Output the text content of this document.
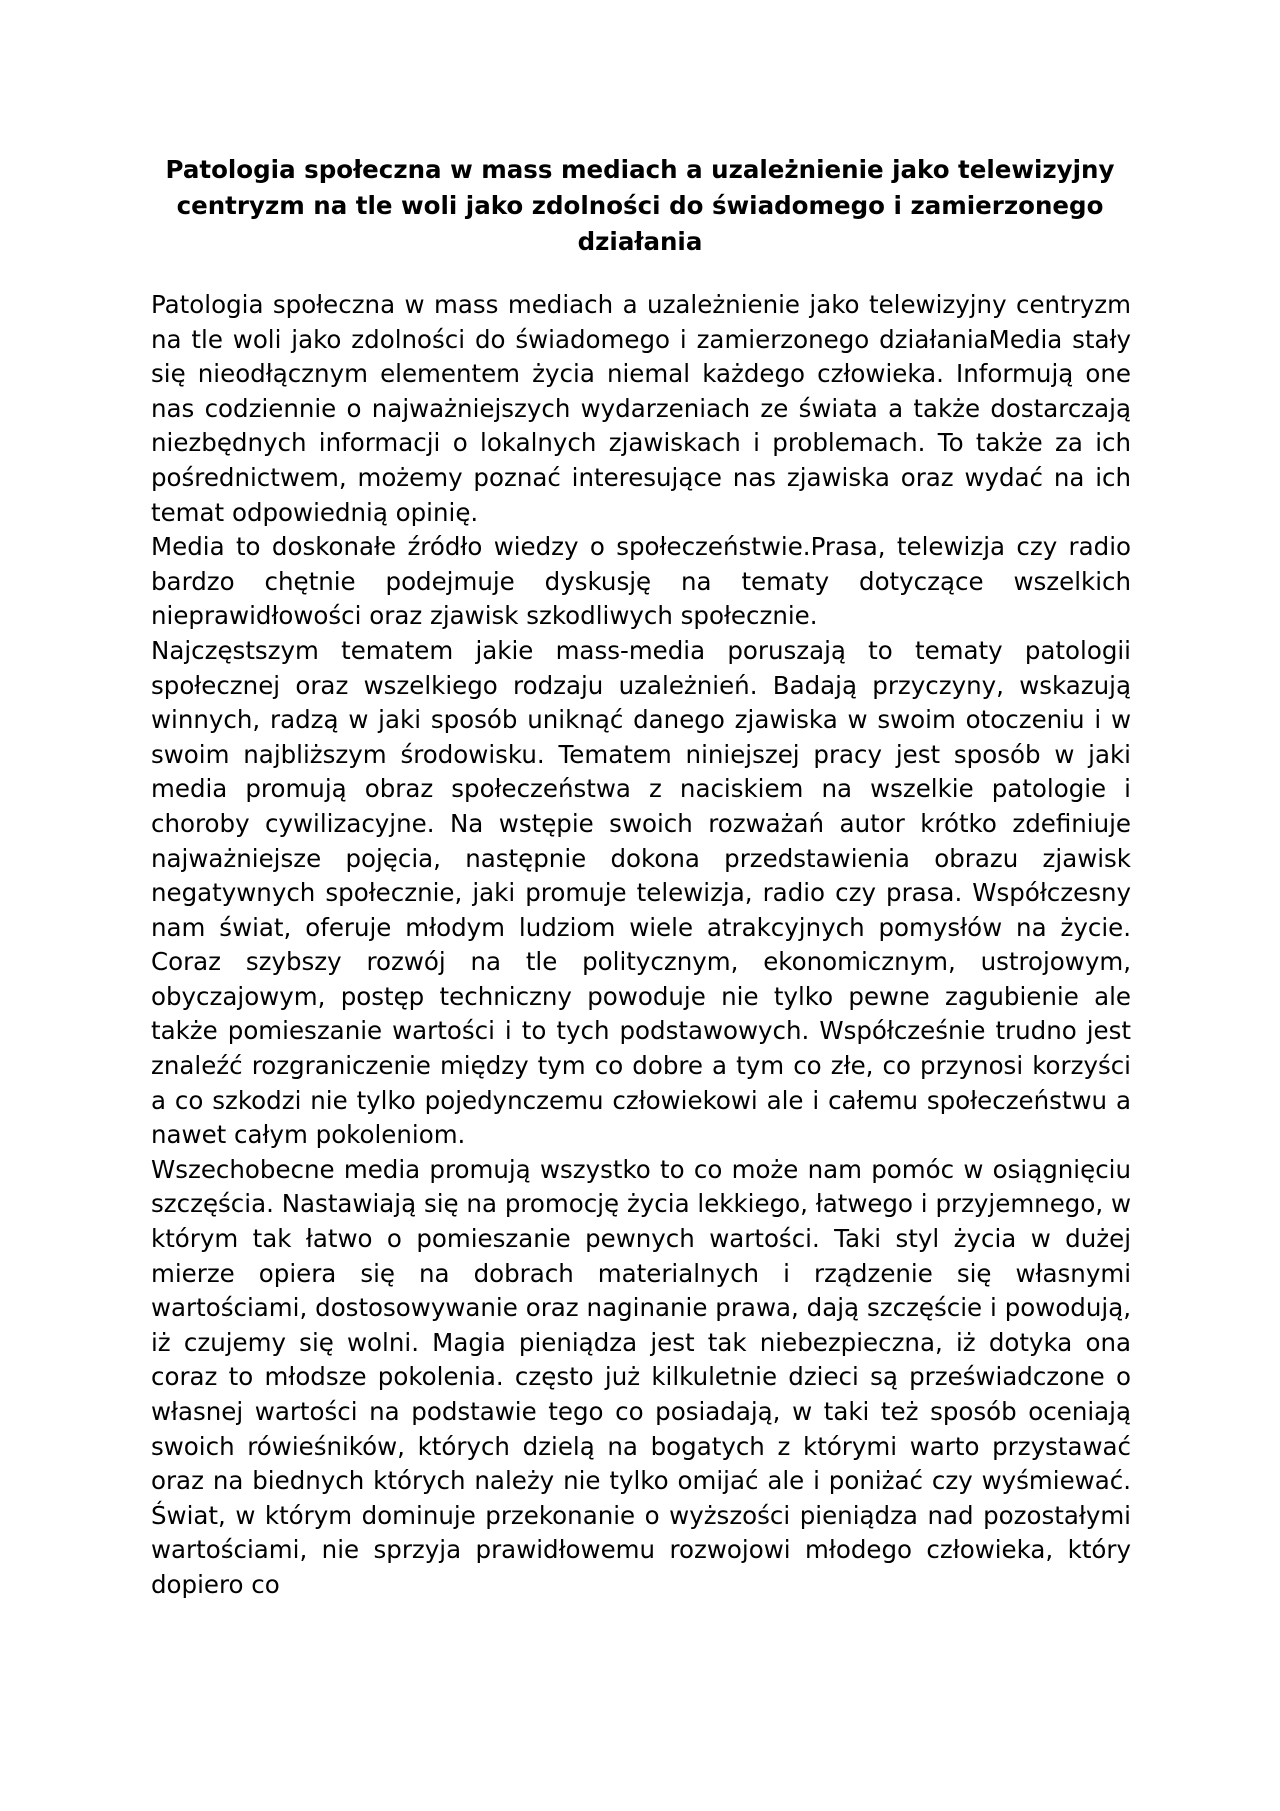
Patologia społeczna w mass mediach a uzależnienie jako telewizyjny centryzm na tle woli jako zdolności do świadomego i zamierzonego działania

Patologia społeczna w mass mediach a uzależnienie jako telewizyjny centryzm na tle woli jako zdolności do świadomego i zamierzonego działaniaMedia stały się nieodłącznym elementem życia niemal każdego człowieka. Informują one nas codziennie o najważniejszych wydarzeniach ze świata a także dostarczają niezbędnych informacji o lokalnych zjawiskach i problemach. To także za ich pośrednictwem, możemy poznać interesujące nas zjawiska oraz wydać na ich temat odpowiednią opinię.

Media to doskonałe źródło wiedzy o społeczeństwie.Prasa, telewizja czy radio bardzo chętnie podejmuje dyskusję na tematy dotyczące wszelkich nieprawidłowości oraz zjawisk szkodliwych społecznie.

Najczęstszym tematem jakie mass-media poruszają to tematy patologii społecznej oraz wszelkiego rodzaju uzależnień. Badają przyczyny, wskazują winnych, radzą w jaki sposób uniknąć danego zjawiska w swoim otoczeniu i w swoim najbliższym środowisku. Tematem niniejszej pracy jest sposób w jaki media promują obraz społeczeństwa z naciskiem na wszelkie patologie i choroby cywilizacyjne. Na wstępie swoich rozważań autor krótko zdefiniuje najważniejsze pojęcia, następnie dokona przedstawienia obrazu zjawisk negatywnych społecznie, jaki promuje telewizja, radio czy prasa. Współczesny nam świat, oferuje młodym ludziom wiele atrakcyjnych pomysłów na życie. Coraz szybszy rozwój na tle politycznym, ekonomicznym, ustrojowym, obyczajowym, postęp techniczny powoduje nie tylko pewne zagubienie ale także pomieszanie wartości i to tych podstawowych. Współcześnie trudno jest znaleźć rozgraniczenie między tym co dobre a tym co złe, co przynosi korzyści a co szkodzi nie tylko pojedynczemu człowiekowi ale i całemu społeczeństwu a nawet całym pokoleniom.

Wszechobecne media promują wszystko to co może nam pomóc w osiągnięciu szczęścia. Nastawiają się na promocję życia lekkiego, łatwego i przyjemnego, w którym tak łatwo o pomieszanie pewnych wartości. Taki styl życia w dużej mierze opiera się na dobrach materialnych i rządzenie się własnymi wartościami, dostosowywanie oraz naginanie prawa, dają szczęście i powodują, iż czujemy się wolni. Magia pieniądza jest tak niebezpieczna, iż dotyka ona coraz to młodsze pokolenia. często już kilkuletnie dzieci są przeświadczone o własnej wartości na podstawie tego co posiadają, w taki też sposób oceniają swoich rówieśników, których dzielą na bogatych z którymi warto przystawać oraz na biednych których należy nie tylko omijać ale i poniżać czy wyśmiewać. Świat, w którym dominuje przekonanie o wyższości pieniądza nad pozostałymi wartościami, nie sprzyja prawidłowemu rozwojowi młodego człowieka, który dopiero co
